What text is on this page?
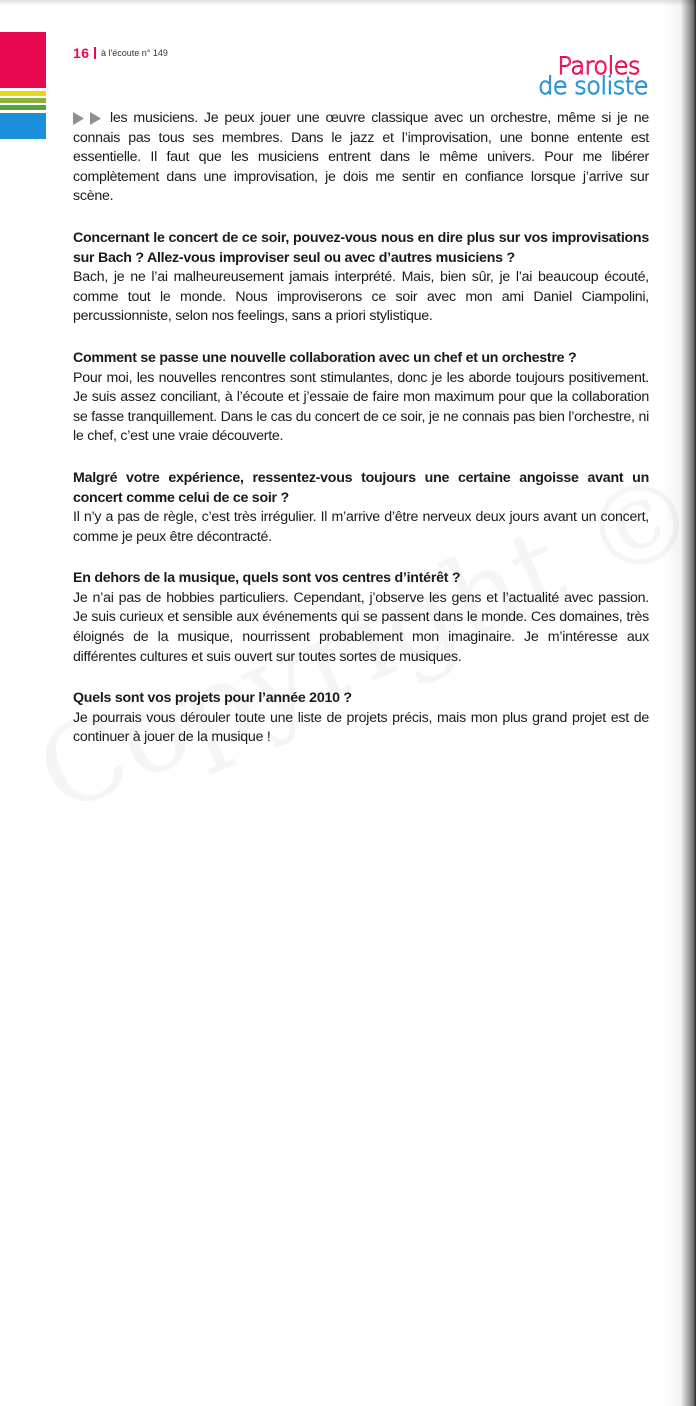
16 à l'écoute n° 149	Paroles
de soliste

les musiciens. Je peux jouer une œuvre classique avec un orchestre, même si je ne connais pas tous ses membres. Dans le jazz et l’improvisation, une bonne entente est essentielle. Il faut que les musiciens entrent dans le même univers. Pour me libérer complètement dans une improvisation, je dois me sentir en confiance lorsque j’arrive sur scène.

Concernant le concert de ce soir, pouvez-vous nous en dire plus sur vos improvisations sur Bach ? Allez-vous improviser seul ou avec d’autres musiciens ?

Bach, je ne l’ai malheureusement jamais interprété. Mais, bien sûr, je l’ai beaucoup écouté, comme tout le monde. Nous improviserons ce soir avec mon ami Daniel Ciampolini, percussionniste, selon nos feelings, sans a priori stylistique.

Comment se passe une nouvelle collaboration avec un chef et un orchestre ?

Pour moi, les nouvelles rencontres sont stimulantes, donc je les aborde toujours positivement. Je suis assez conciliant, à l’écoute et j’essaie de faire mon maximum pour que la collaboration se fasse tranquillement. Dans le cas du concert de ce soir, je ne connais pas bien l’orchestre, ni le chef, c’est une vraie découverte.

Malgré votre expérience, ressentez-vous toujours une certaine angoisse avant un concert comme celui de ce soir ?

Il n’y a pas de règle, c’est très irrégulier. Il m’arrive d’être nerveux deux jours avant un concert, comme je peux être décontracté.

En dehors de la musique, quels sont vos centres d’intérêt ?

Je n’ai pas de hobbies particuliers. Cependant, j’observe les gens et l’actualité avec passion. Je suis curieux et sensible aux événements qui se passent dans le monde. Ces domaines, très éloignés de la musique, nourrissent probablement mon imaginaire. Je m’intéresse aux différentes cultures et suis ouvert sur toutes sortes de musiques.

Quels sont vos projets pour l’année 2010 ?

Je pourrais vous dérouler toute une liste de projets précis, mais mon plus grand projet est de continuer à jouer de la musique !
